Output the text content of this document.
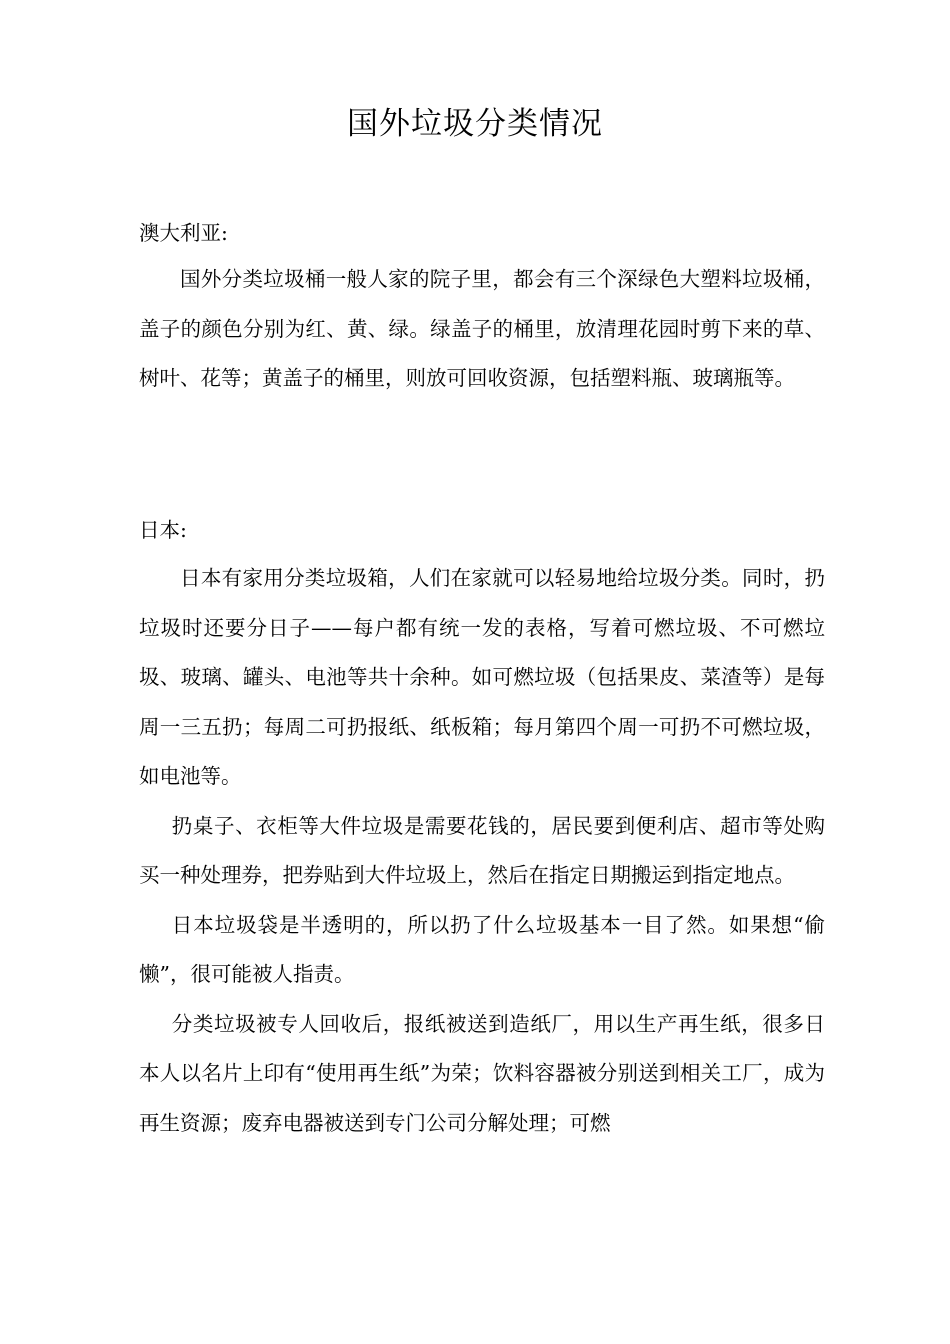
国外垃圾分类情况
澳大利亚:

国外分类垃圾桶一般人家的院子里，都会有三个深绿色大塑料垃圾桶，盖子的颜色分别为红、黄、绿。绿盖子的桶里，放清理花园时剪下来的草、树叶、花等；黄盖子的桶里，则放可回收资源，包括塑料瓶、玻璃瓶等。

日本:

日本有家用分类垃圾箱，人们在家就可以轻易地给垃圾分类。同时，扔垃圾时还要分日子——每户都有统一发的表格，写着可燃垃圾、不可燃垃圾、玻璃、罐头、电池等共十余种。如可燃垃圾（包括果皮、菜渣等）是每周一三五扔；每周二可扔报纸、纸板箱；每月第四个周一可扔不可燃垃圾，如电池等。

扔桌子、衣柜等大件垃圾是需要花钱的，居民要到便利店、超市等处购买一种处理券，把券贴到大件垃圾上，然后在指定日期搬运到指定地点。

日本垃圾袋是半透明的，所以扔了什么垃圾基本一目了然。如果想“偷懒”，很可能被人指责。

分类垃圾被专人回收后，报纸被送到造纸厂，用以生产再生纸，很多日本人以名片上印有“使用再生纸”为荣；饮料容器被分别送到相关工厂，成为再生资源；废弃电器被送到专门公司分解处理；可燃
